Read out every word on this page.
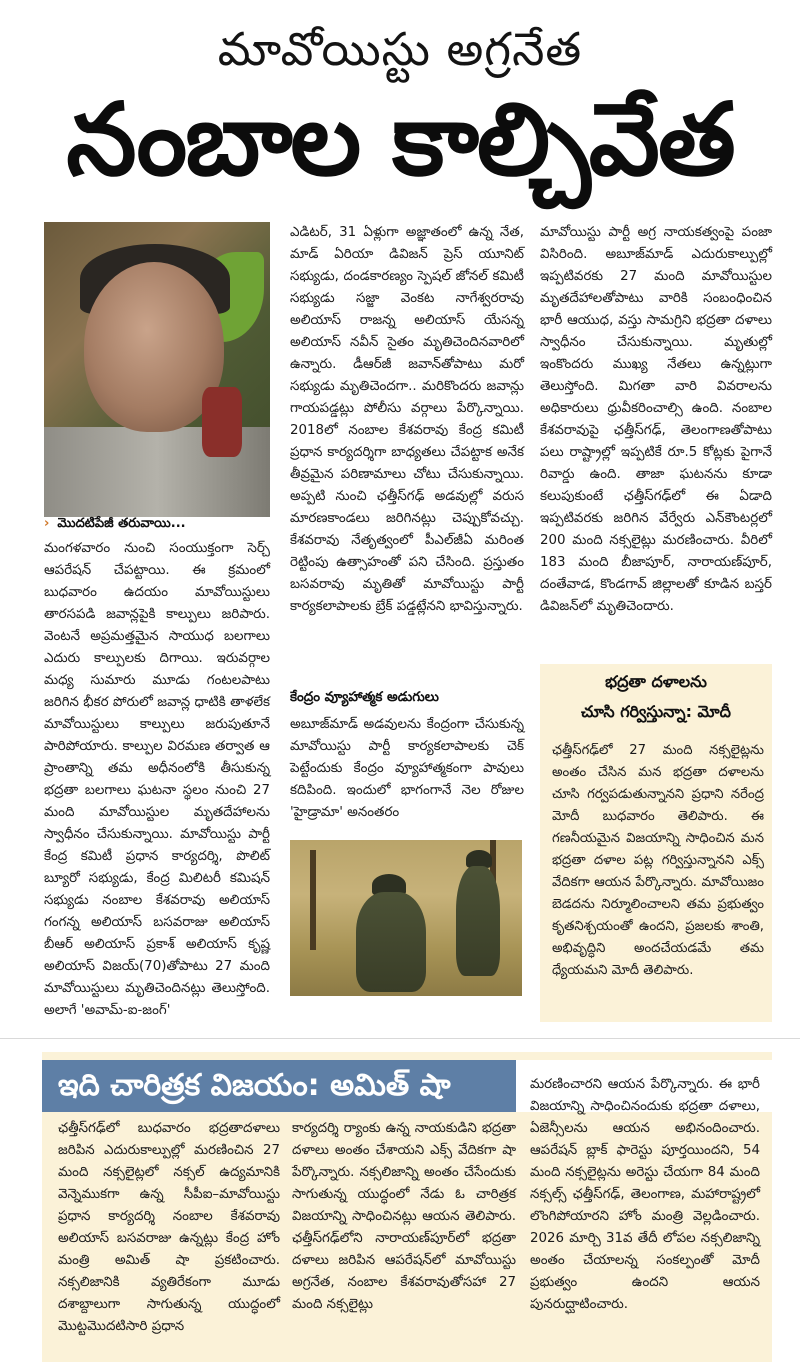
మావోయిస్టు అగ్రనేత
నంబాల కాల్చివేత
› మొదటిపేజీ తరువాయి...
మంగళవారం నుంచి సంయుక్తంగా సెర్చ్ ఆపరేషన్ చేపట్టాయి. ఈ క్రమంలో బుధవారం ఉదయం మావోయిస్టులు తారసపడి జవాన్లపైకి కాల్పులు జరిపారు. వెంటనే అప్రమత్తమైన సాయుధ బలగాలు ఎదురు కాల్పులకు దిగాయి. ఇరువర్గాల మధ్య సుమారు మూడు గంటలపాటు జరిగిన భీకర పోరులో జవాన్ల ధాటికి తాళలేక మావోయిస్టులు కాల్పులు జరుపుతూనే పారిపోయారు. కాల్పుల విరమణ తర్వాత ఆ ప్రాంతాన్ని తమ అధీనంలోకి తీసుకున్న భద్రతా బలగాలు ఘటనా స్థలం నుంచి 27 మంది మావోయిస్టుల మృతదేహాలను స్వాధీనం చేసుకున్నాయి. మావోయిస్టు పార్టీ కేంద్ర కమిటీ ప్రధాన కార్యదర్శి, పొలిట్ బ్యూరో సభ్యుడు, కేంద్ర మిలిటరీ కమిషన్ సభ్యుడు నంబాల కేశవరావు అలియాస్ గంగన్న అలియాస్ బసవరాజు అలియాస్ బీఆర్ అలియాస్ ప్రకాశ్ అలియాస్ కృష్ణ అలియాస్ విజయ్(70)తోపాటు 27 మంది మావోయిస్టులు మృతిచెందినట్లు తెలుస్తోంది. అలాగే 'అవామ్-ఐ-జంగ్'
ఎడిటర్, 31 ఏళ్లుగా అజ్ఞాతంలో ఉన్న నేత, మాడ్ ఏరియా డివిజన్ ప్రెస్ యూనిట్ సభ్యుడు, దండకారణ్యం స్పెషల్ జోనల్ కమిటీ సభ్యుడు సజ్జా వెంకట నాగేశ్వరరావు అలియాస్ రాజన్న అలియాస్ యేసన్న అలియాస్ నవీన్ సైతం మృతిచెందినవారిలో ఉన్నారు. డీఆర్‌జీ జవాన్‌తోపాటు మరో సభ్యుడు మృతిచెందగా.. మరికొందరు జవాన్లు గాయపడ్డట్లు పోలీసు వర్గాలు పేర్కొన్నాయి. 2018లో నంబాల కేశవరావు కేంద్ర కమిటీ ప్రధాన కార్యదర్శిగా బాధ్యతలు చేపట్టాక అనేక తీవ్రమైన పరిణామాలు చోటు చేసుకున్నాయి. అప్పటి నుంచి ఛత్తీస్‌గఢ్ అడవుల్లో వరుస మారణకాండలు జరిగినట్లు చెప్పుకోవచ్చు. కేశవరావు నేతృత్వంలో పీఎల్‌జీఏ మరింత రెట్టింపు ఉత్సాహంతో పని చేసింది. ప్రస్తుతం బసవరావు మృతితో మావోయిస్టు పార్టీ కార్యకలాపాలకు బ్రేక్ పడ్డట్లేనని భావిస్తున్నారు.
కేంద్రం వ్యూహాత్మక అడుగులు
అబూజ్‌మాడ్ అడవులను కేంద్రంగా చేసుకున్న మావోయిస్టు పార్టీ కార్యకలాపాలకు చెక్ పెట్టేందుకు కేంద్రం వ్యూహాత్మకంగా పావులు కదిపింది. ఇందులో భాగంగానే నెల రోజుల 'హైడ్రామా' అనంతరం
మావోయిస్టు పార్టీ అగ్ర నాయకత్వంపై పంజా విసిరింది. అబూజ్‌మాడ్ ఎదురుకాల్పుల్లో ఇప్పటివరకు 27 మంది మావోయిస్టుల మృతదేహాలతోపాటు వారికి సంబంధించిన భారీ ఆయుధ, వస్తు సామగ్రిని భద్రతా దళాలు స్వాధీనం చేసుకున్నాయి. మృతుల్లో ఇంకొందరు ముఖ్య నేతలు ఉన్నట్లుగా తెలుస్తోంది. మిగతా వారి వివరాలను అధికారులు ధ్రువీకరించాల్సి ఉంది. నంబాల కేశవరావుపై ఛత్తీస్‌గఢ్, తెలంగాణతోపాటు పలు రాష్ట్రాల్లో ఇప్పటికే రూ.5 కోట్లకు పైగానే రివార్డు ఉంది. తాజా ఘటనను కూడా కలుపుకుంటే ఛత్తీస్‌గఢ్‌లో ఈ ఏడాది ఇప్పటివరకు జరిగిన వేర్వేరు ఎన్‌కౌంటర్లలో 200 మంది నక్సలైట్లు మరణించారు. వీరిలో 183 మంది బీజాపూర్, నారాయణ్‌పూర్, దంతేవాడ, కొండగావ్ జిల్లాలతో కూడిన బస్తర్ డివిజన్‌లో మృతిచెందారు.
భద్రతా దళాలను
చూసి గర్విస్తున్నా: మోదీ
ఛత్తీస్‌గఢ్‌లో 27 మంది నక్సలైట్లను అంతం చేసిన మన భద్రతా దళాలను చూసి గర్వపడుతున్నానని ప్రధాని నరేంద్ర మోదీ బుధవారం తెలిపారు. ఈ గణనీయమైన విజయాన్ని సాధించిన మన భద్రతా దళాల పట్ల గర్విస్తున్నానని ఎక్స్ వేదికగా ఆయన పేర్కొన్నారు. మావోయిజం బెడదను నిర్మూలించాలని తమ ప్రభుత్వం కృతనిశ్చయంతో ఉందని, ప్రజలకు శాంతి, అభివృద్ధిని అందచేయడమే తమ ధ్యేయమని మోదీ తెలిపారు.
ఇది చారిత్రక విజయం: అమిత్ షా
ఛత్తీస్‌గఢ్‌లో బుధవారం భద్రతాదళాలు జరిపిన ఎదురుకాల్పుల్లో మరణించిన 27 మంది నక్సలైట్లలో నక్సల్ ఉద్యమానికి వెన్నెముకగా ఉన్న సీపీఐ–మావోయిస్టు ప్రధాన కార్యదర్శి నంబాల కేశవరావు అలియాస్ బసవరాజు ఉన్నట్లు కేంద్ర హోం మంత్రి అమిత్ షా ప్రకటించారు. నక్సలిజానికి వ్యతిరేకంగా మూడు దశాబ్దాలుగా సాగుతున్న యుద్ధంలో మొట్టమొదటిసారి ప్రధాన
కార్యదర్శి ర్యాంకు ఉన్న నాయకుడిని భద్రతా దళాలు అంతం చేశాయని ఎక్స్ వేదికగా షా పేర్కొన్నారు. నక్సలిజాన్ని అంతం చేసేందుకు సాగుతున్న యుద్ధంలో నేడు ఓ చారిత్రక విజయాన్ని సాధించినట్లు ఆయన తెలిపారు. ఛత్తీస్‌గఢ్‌లోని నారాయణ్‌పూర్‌లో భద్రతా దళాలు జరిపిన ఆపరేషన్‌లో మావోయిస్టు అగ్రనేత, నంబాల కేశవరావుతోసహా 27 మంది నక్సలైట్లు
మరణించారని ఆయన పేర్కొన్నారు. ఈ భారీ విజయాన్ని సాధించినందుకు భద్రతా దళాలు, ఏజెన్సీలను ఆయన అభినందించారు. ఆపరేషన్ బ్లాక్ ఫారెస్టు పూర్తయిందని, 54 మంది నక్సలైట్లను అరెస్టు చేయగా 84 మంది నక్సల్స్ ఛత్తీస్‌గఢ్, తెలంగాణ, మహారాష్ట్రలో లొంగిపోయారని హోం మంత్రి వెల్లడించారు. 2026 మార్చి 31వ తేదీ లోపల నక్సలిజాన్ని అంతం చేయాలన్న సంకల్పంతో మోదీ ప్రభుత్వం ఉందని ఆయన పునరుద్ఘాటించారు.
